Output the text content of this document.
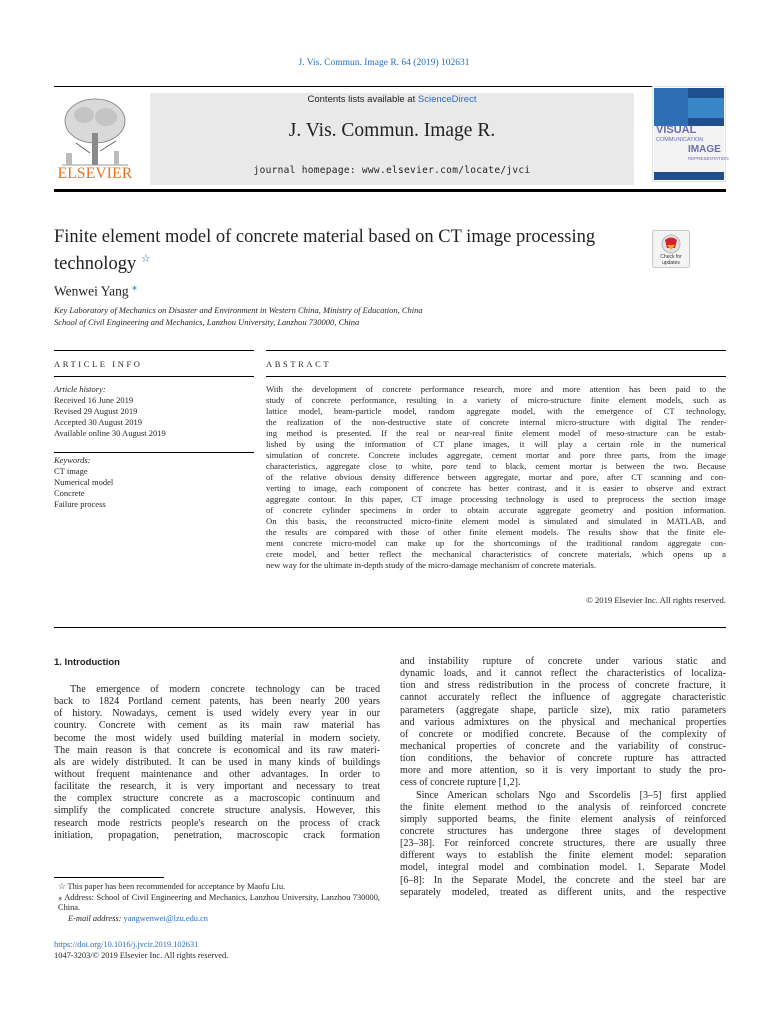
J. Vis. Commun. Image R. 64 (2019) 102631
ELSEVIER
Contents lists available at ScienceDirect
J. Vis. Commun. Image R.
journal homepage: www.elsevier.com/locate/jvci
VISUAL
COMMUNICATION
IMAGE
REPRESENTATION
Finite element model of concrete material based on CT image processing technology ☆	Check for updates
Wenwei Yang ⁎
Key Laboratory of Mechanics on Disaster and Environment in Western China, Ministry of Education, China
School of Civil Engineering and Mechanics, Lanzhou University, Lanzhou 730000, China
ARTICLE INFO
Article history:
Received 16 June 2019
Revised 29 August 2019
Accepted 30 August 2019
Available online 30 August 2019
Keywords:
CT image
Numerical model
Concrete
Failure process
ABSTRACT
With the development of concrete performance research, more and more attention has been paid to the
study of concrete performance, resulting in a variety of micro-structure finite element models, such as
lattice model, beam-particle model, random aggregate model, with the emergence of CT technology,
the realization of the non-destructive state of concrete internal micro-structure with digital The render-
ing method is presented. If the real or near-real finite element model of meso-structure can be estab-
lished by using the information of CT plane images, it will play a certain role in the numerical
simulation of concrete. Concrete includes aggregate, cement mortar and pore three parts, from the image
characteristics, aggregate close to white, pore tend to black, cement mortar is between the two. Because
of the relative obvious density difference between aggregate, mortar and pore, after CT scanning and con-
verting to image, each component of concrete has better contrast, and it is easier to observe and extract
aggregate contour. In this paper, CT image processing technology is used to preprocess the section image
of concrete cylinder specimens in order to obtain accurate aggregate geometry and position information.
On this basis, the reconstructed micro-finite element model is simulated and simulated in MATLAB, and
the results are compared with those of other finite element models. The results show that the finite ele-
ment concrete micro-model can make up for the shortcomings of the traditional random aggregate con-
crete model, and better reflect the mechanical characteristics of concrete materials, which opens up a
new way for the ultimate in-depth study of the micro-damage mechanism of concrete materials.
© 2019 Elsevier Inc. All rights reserved.
1. Introduction
The emergence of modern concrete technology can be traced
back to 1824 Portland cement patents, has been nearly 200 years
of history. Nowadays, cement is used widely every year in our
country. Concrete with cement as its main raw material has
become the most widely used building material in modern society.
The main reason is that concrete is economical and its raw materi-
als are widely distributed. It can be used in many kinds of buildings
without frequent maintenance and other advantages. In order to
facilitate the research, it is very important and necessary to treat
the complex structure concrete as a macroscopic continuum and
simplify the complicated concrete structure analysis. However, this
research mode restricts people's research on the process of crack
initiation, propagation, penetration, macroscopic crack formation
and instability rupture of concrete under various static and
dynamic loads, and it cannot reflect the characteristics of localiza-
tion and stress redistribution in the process of concrete fracture, it
cannot accurately reflect the influence of aggregate characteristic
parameters (aggregate shape, particle size), mix ratio parameters
and various admixtures on the physical and mechanical properties
of concrete or modified concrete. Because of the complexity of
mechanical properties of concrete and the variability of construc-
tion conditions, the behavior of concrete rupture has attracted
more and more attention, so it is very important to study the pro-
cess of concrete rupture [1,2].
Since American scholars Ngo and Sscordelis [3–5] first applied
the finite element method to the analysis of reinforced concrete
simply supported beams, the finite element analysis of reinforced
concrete structures has undergone three stages of development
[23–38]. For reinforced concrete structures, there are usually three
different ways to establish the finite element model: separation
model, integral model and combination model. 1. Separate Model
[6–8]: In the Separate Model, the concrete and the steel bar are
separately modeled, treated as different units, and the respective
☆ This paper has been recommended for acceptance by Maofu Liu.
⁎ Address: School of Civil Engineering and Mechanics, Lanzhou University, Lanzhou 730000, China.
E-mail address: yangwenwei@lzu.edu.cn
https://doi.org/10.1016/j.jvcir.2019.102631
1047-3203/© 2019 Elsevier Inc. All rights reserved.
